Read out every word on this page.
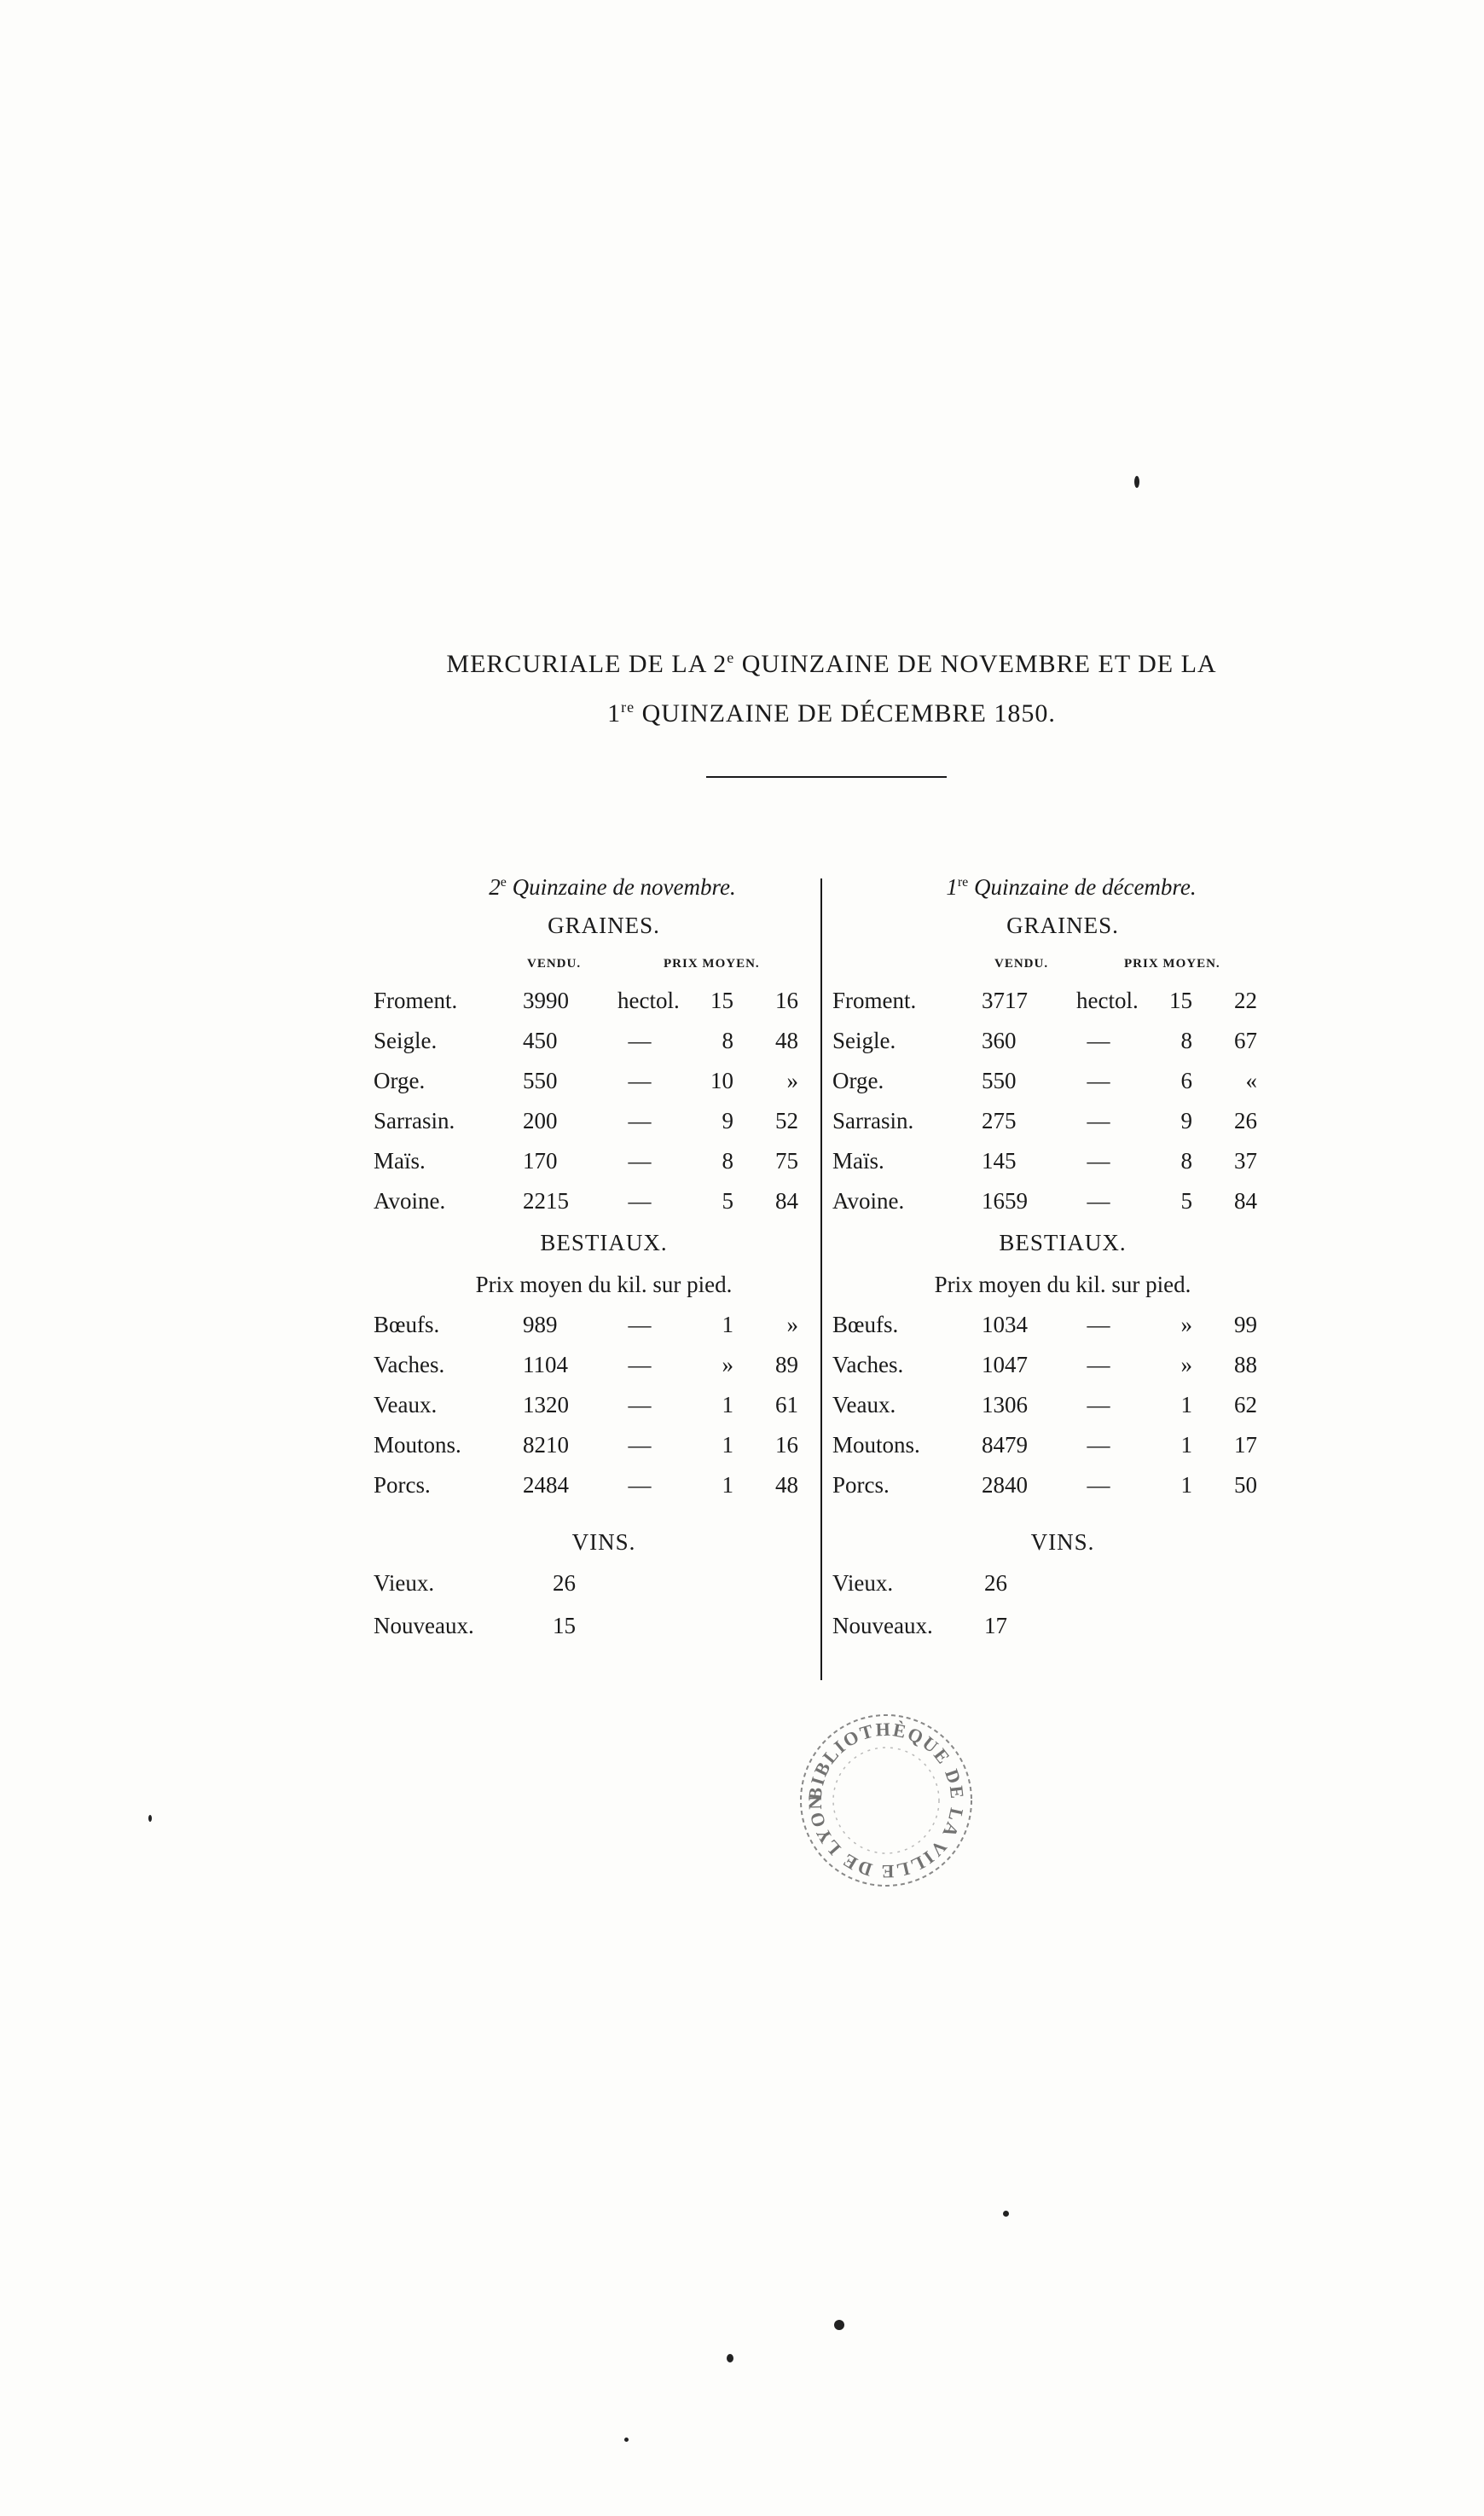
MERCURIALE DE LA 2e QUINZAINE DE NOVEMBRE ET DE LA
1re QUINZAINE DE DÉCEMBRE 1850.
2e Quinzaine de novembre.
GRAINES.
VENDU.	PRIX MOYEN.
Froment.	3990	hectol.	15	16
Seigle.	450	—	8	48
Orge.	550	—	10	»
Sarrasin.	200	—	9	52
Maïs.	170	—	8	75
Avoine.	2215	—	5	84
BESTIAUX.
Prix moyen du kil. sur pied.
Bœufs.	989	—	1	»
Vaches.	1104	—	»	89
Veaux.	1320	—	1	61
Moutons.	8210	—	1	16
Porcs.	2484	—	1	48
VINS.
Vieux.	26
Nouveaux.	15
1re Quinzaine de décembre.
GRAINES.
VENDU.	PRIX MOYEN.
Froment.	3717	hectol.	15	22
Seigle.	360	—	8	67
Orge.	550	—	6	«
Sarrasin.	275	—	9	26
Maïs.	145	—	8	37
Avoine.	1659	—	5	84
BESTIAUX.
Prix moyen du kil. sur pied.
Bœufs.	1034	—	»	99
Vaches.	1047	—	»	88
Veaux.	1306	—	1	62
Moutons.	8479	—	1	17
Porcs.	2840	—	1	50
VINS.
Vieux.	26
Nouveaux. 17
BIBLIOTHÈQUE DE LA VILLE DE LYON
